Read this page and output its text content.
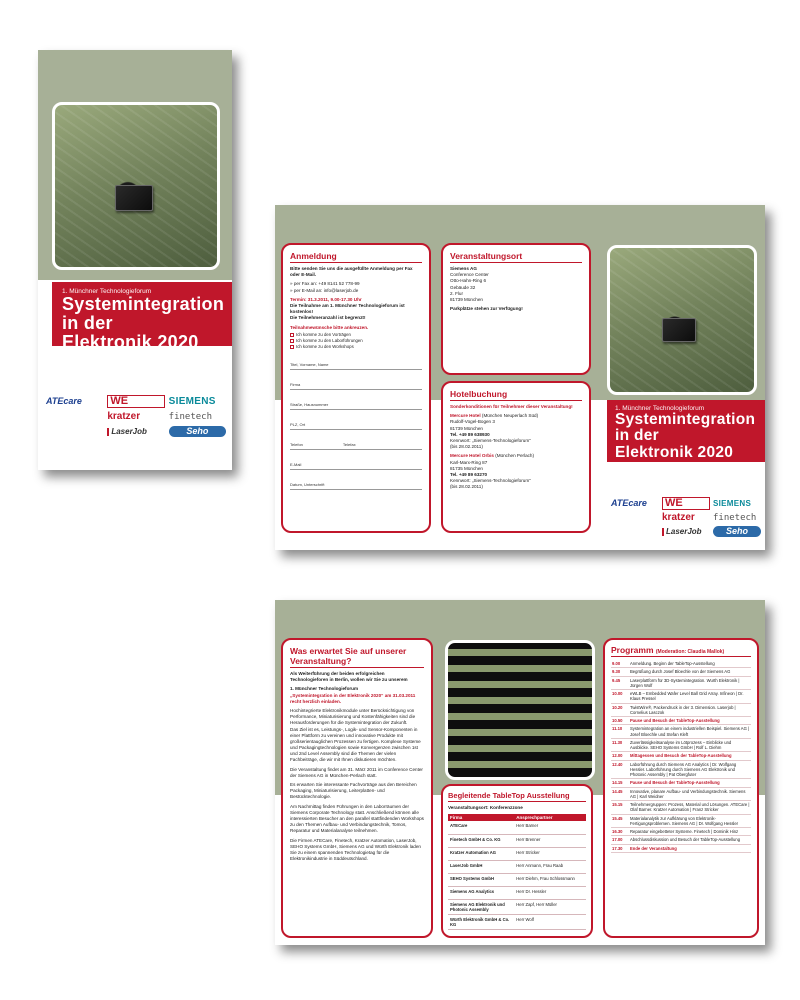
1. Münchner Technologieforum
Systemintegration in der
Elektronik 2020
31.3.2011 von 9.00 bis 17.30 Uhr
ATEcare	WE	SIEMENS
kratzer	finetech
LaserJob	Seho
Anmeldung

Bitte senden Sie uns die ausgefüllte Anmeldung per Fax oder E-Mail.

» per Fax an: +49 8141 52 778-99

» per E-Mail an: info@laserjob.de

Termin: 31.3.2011, 9.00-17.30 Uhr

Die Teilnahme am 1. Münchner Technologieforum ist kostenlos!

Die Teilnehmeranzahl ist begrenzt!

Teilnahmewünsche bitte ankreuzen.

Ich komme zu den Vorträgen
Ich komme zu den Laborführungen
Ich komme zu den Workshops
Titel, Vorname, Name
Firma
Straße, Hausnummer
PLZ, Ort
Telefon	Telefax
E-Mail
Datum, Unterschrift
Veranstaltungsort

Siemens AG
Conference Center
Otto-Hahn-Ring 6
Gebäude 32
2. Flur
81739 München

Parkplätze stehen zur Verfügung!

Hotelbuchung

Sonderkonditionen für Teilnehmer dieser Veranstaltung!

Mercure Hotel (München Neuperlach Süd)
Rudolf-Vogel-Bogen 3
81739 München
Tel. +49 89 638930
Kennwort: „Siemens-Technologieforum“
(bis 28.02.2011)

Mercure Hotel Orbis (München Perlach)
Karl-Marx-Ring 87
81735 München
Tel. +49 89 63270
Kennwort: „Siemens-Technologieforum“
(bis 28.02.2011)

1. Münchner Technologieforum
Systemintegration in der
Elektronik 2020
31.3.2011 von 9.00 bis 17.30 Uhr
ATEcare	WE	SIEMENS
kratzer	finetech
LaserJob	Seho
Was erwartet Sie auf unserer Veranstaltung?

Als Weiterführung der beiden erfolgreichen Technologieforen in Berlin, wollen wir Sie zu unserem

1. Münchner Technologieforum

„Systemintegration in der Elektronik 2020“ am 31.03.2011 recht herzlich einladen.

Hochintegrierte Elektronikmodule unter Berücksichtigung von Performance, Miniaturisierung und Kostenfähigkeiten sind die Herausforderungen für die Systemintegration der Zukunft.

Das Ziel ist es, Leistungs-, Logik- und Sensor-Komponenten in einer Plattform zu vereinen und innovative Produkte mit großserientauglichen Prozessen zu fertigen. Komplexe Systeme und Packagingtechnologien sowie Konvergenzen zwischen 1st und 2nd Level Assembly sind die Themen der vielen Fachbeiträge, die wir mit Ihnen diskutieren möchten.

Die Veranstaltung findet am 31. März 2011 im Conference Center der Siemens AG in München-Perlach statt.

Es erwarten Sie interessante Fachvorträge aus den Bereichen Packaging, Miniaturisierung, Leiterplatten- und Bestücktechnologie.

Am Nachmittag finden Führungen in den Laborräumen der Siemens Corporate Technology statt. Anschließend können alle interessierten Besucher an den parallel stattfindenden Workshops zu den Themen Aufbau- und Verbindungstechnik, Tomos, Reparatur und Materialanalyse teilnehmen.

Die Firmen ATECare, Finetech, Kratzer Automation, LaserJob, SEHO Systems GmbH, Siemens AG und Würth Elektronik laden Sie zu einem spannenden Technologietag für die Elektronikindustrie in Süddeutschland.

Begleitende TableTop Ausstellung

Veranstaltungsort: Konferenzzone

Firma	Ansprechpartner
ATECare	Herr Barner
Finetech GmbH & Co. KG	Herr Brenner
Kratzer Automation AG	Herr Stricker
LaserJob GmbH	Herr Anmann, Frau Raab
SEHO Systems GmbH	Herr Diehm, Frau Schlossmann
Siemens AG Analytics	Herr Dr. Hessler
Siemens AG Elektronik und Photonic Assembly	Herr Zapf, Herr Müller
Würth Elektronik GmbH & Co. KG	Herr Wolf
Programm (Moderation: Claudia Mallok)
9.00	Anmeldung. Beginn der TableTop-Ausstellung
9.30	Begrüßung durch Josef Bloechle von der Siemens AG
9.45	Laserplattform für 3D-Systemintegration. Wurth Elektronik | Jürgen Wolf
10.00	eWLB – Embedded Wafer Level Ball Grid Array. Infineon | Dr. Klaus Pressel
10.20	TwistWire®, Packendruck in der 3. Dimension. Laserjob | Cornelius Lasczok
10.50	Pause und Besuch der TableTop-Ausstellung
11.10	Systemintegration an einem industriellen Beispiel. Siemens AG | Josef Bloechle und Stefan Kleft
11.30	Zuverlässigkeitsanalyse im Lötprozess – Einblicke und Ausblicke. SEHO Systems GmbH | Rolf L. Diehm
12.00	Mittagessen und Besuch der TableTop-Ausstellung
12.40	Laborführung durch Siemens AG Analytics | Dr. Wolfgang Hessler. Laborführung durch Siemens AG Elektronik und Photonic Assembly | Pat Obergfuter
14.15	Pause und Besuch der TableTop-Ausstellung
14.45	Innovative, planare Aufbau- und Verbindungstechnik. Siemens AG | Karl Weidner
15.15	Teilnehmergruppen: Prozess, Material und Lösungen. ATECare | Olaf Barner. Kratzer Automation | Franz Stricker
15.45	Materialanalytik zur Aufklärung von Elektronik-Fertigungsproblemen. Siemens AG | Dr. Wolfgang Hessler
16.30	Reparatur eingebetteter Systeme. Finetech | Dominik Hinz
17.00	Abschlussdiskussion und Besuch der TableTop-Ausstellung
17.30	Ende der Veranstaltung
